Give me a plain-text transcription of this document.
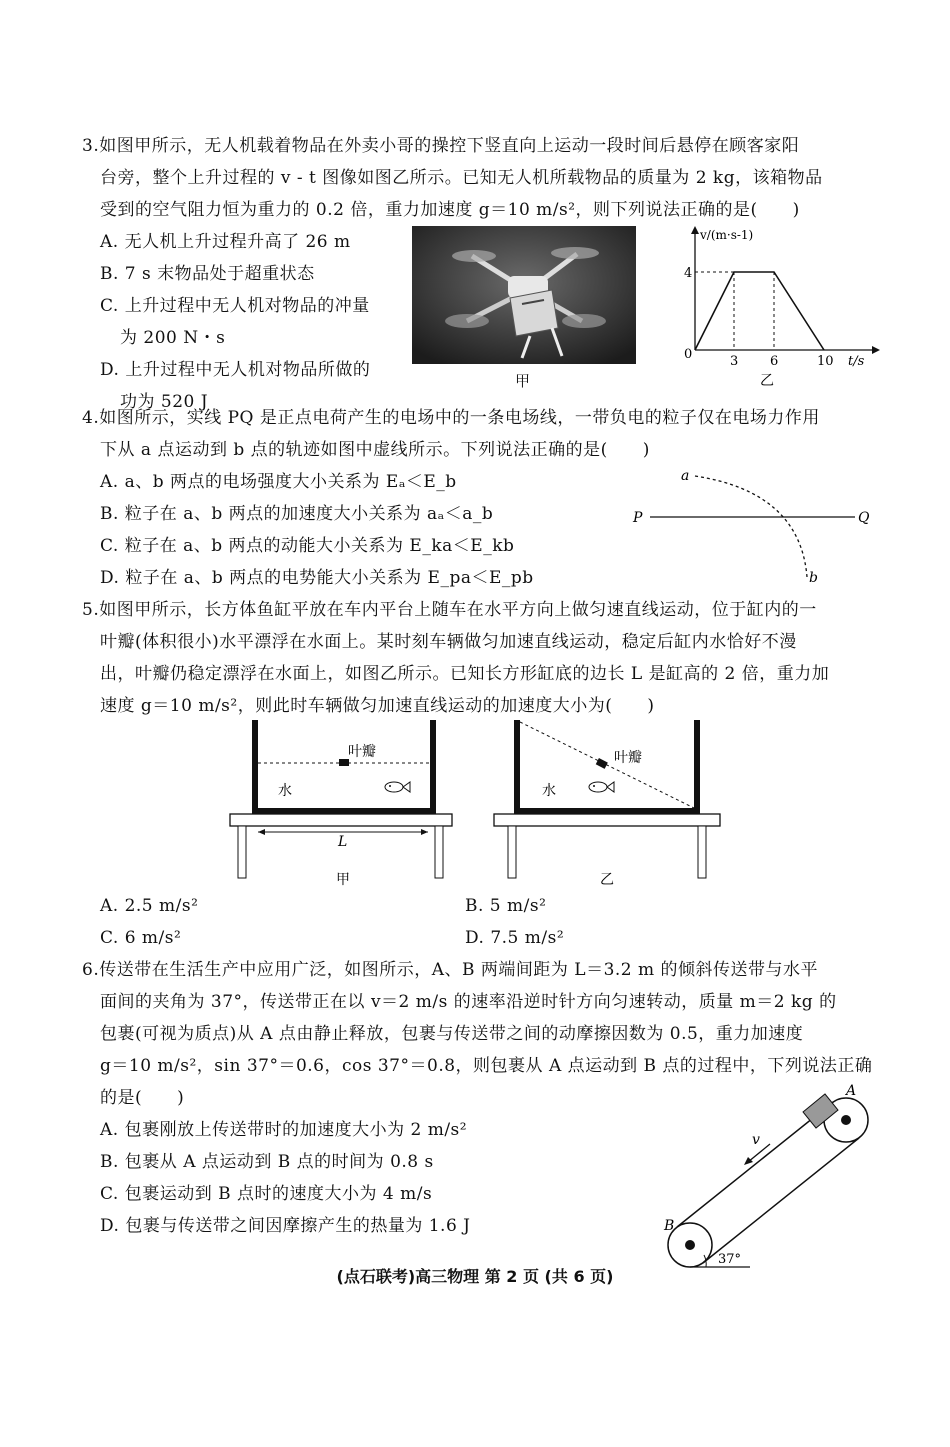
3.如图甲所示，无人机载着物品在外卖小哥的操控下竖直向上运动一段时间后悬停在顾客家阳
台旁，整个上升过程的 v - t 图像如图乙所示。已知无人机所载物品的质量为 2 kg，该箱物品
受到的空气阻力恒为重力的 0.2 倍，重力加速度 g＝10 m/s²，则下列说法正确的是(　　)
A. 无人机上升过程升高了 26 m
B. 7 s 末物品处于超重状态
C. 上升过程中无人机对物品的冲量
为 200 N・s
D. 上升过程中无人机对物品所做的
功为 520 J
甲
v/(m·s-1)
4
0	3 6	10 t/s
乙
4.如图所示，实线 PQ 是正点电荷产生的电场中的一条电场线，一带负电的粒子仅在电场力作用
下从 a 点运动到 b 点的轨迹如图中虚线所示。下列说法正确的是(　　)
A. a、b 两点的电场强度大小关系为 Eₐ＜E_b
B. 粒子在 a、b 两点的加速度大小关系为 aₐ＜a_b
C. 粒子在 a、b 两点的动能大小关系为 E_ka＜E_kb
D. 粒子在 a、b 两点的电势能大小关系为 E_pa＜E_pb
a
b
P	Q
5.如图甲所示，长方体鱼缸平放在车内平台上随车在水平方向上做匀速直线运动，位于缸内的一
叶瓣(体积很小)水平漂浮在水面上。某时刻车辆做匀加速直线运动，稳定后缸内水恰好不漫
出，叶瓣仍稳定漂浮在水面上，如图乙所示。已知长方形缸底的边长 L 是缸高的 2 倍，重力加
速度 g＝10 m/s²，则此时车辆做匀加速直线运动的加速度大小为(　　)
叶瓣
水
L
甲
叶瓣
水
乙
A. 2.5 m/s²	B. 5 m/s²
C. 6 m/s²	D. 7.5 m/s²
6.传送带在生活生产中应用广泛，如图所示，A、B 两端间距为 L＝3.2 m 的倾斜传送带与水平
面间的夹角为 37°，传送带正在以 v＝2 m/s 的速率沿逆时针方向匀速转动，质量 m＝2 kg 的
包裹(可视为质点)从 A 点由静止释放，包裹与传送带之间的动摩擦因数为 0.5，重力加速度
g＝10 m/s²，sin 37°＝0.6，cos 37°＝0.8，则包裹从 A 点运动到 B 点的过程中，下列说法正确
的是(　　)
A. 包裹刚放上传送带时的加速度大小为 2 m/s²
B. 包裹从 A 点运动到 B 点的时间为 0.8 s
C. 包裹运动到 B 点时的速度大小为 4 m/s
D. 包裹与传送带之间因摩擦产生的热量为 1.6 J
A
B
v
37°
(点石联考)高三物理 第 2 页 (共 6 页)
